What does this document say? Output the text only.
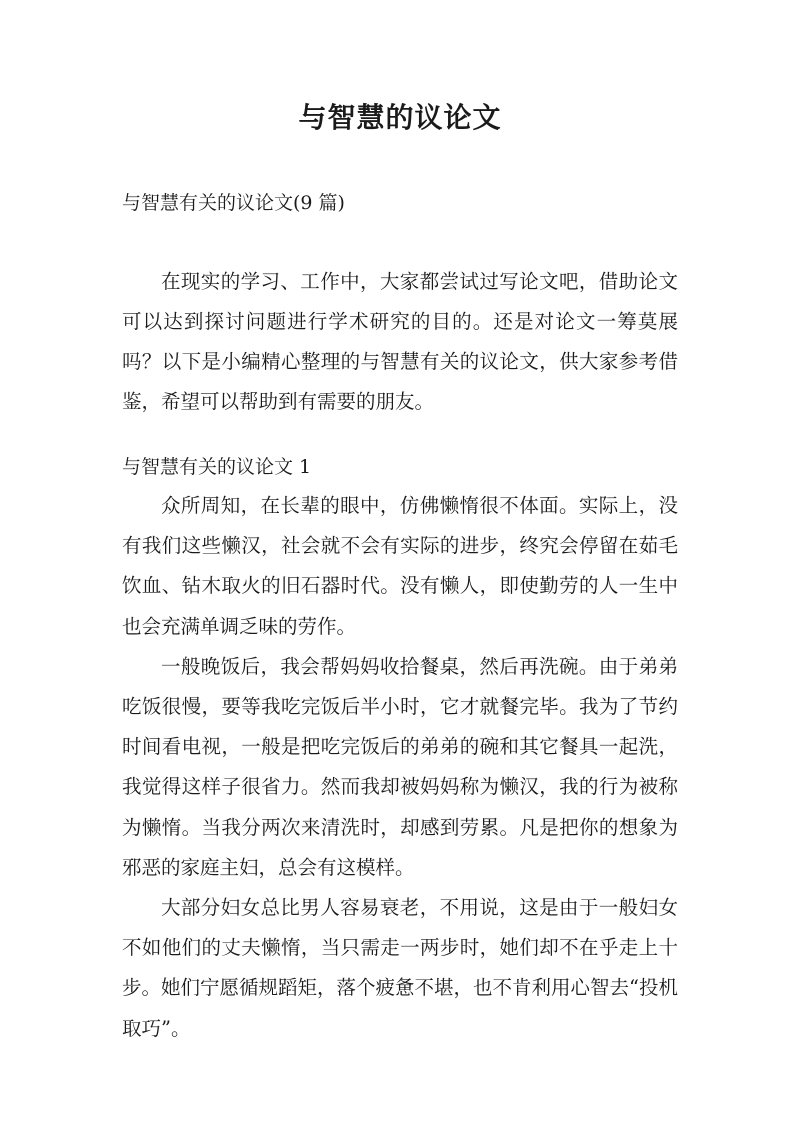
与智慧的议论文

与智慧有关的议论文(9 篇)

在现实的学习、工作中，大家都尝试过写论文吧，借助论文可以达到探讨问题进行学术研究的目的。还是对论文一筹莫展吗？以下是小编精心整理的与智慧有关的议论文，供大家参考借鉴，希望可以帮助到有需要的朋友。

与智慧有关的议论文 1

众所周知，在长辈的眼中，仿佛懒惰很不体面。实际上，没有我们这些懒汉，社会就不会有实际的进步，终究会停留在茹毛饮血、钻木取火的旧石器时代。没有懒人，即使勤劳的人一生中也会充满单调乏味的劳作。

一般晚饭后，我会帮妈妈收拾餐桌，然后再洗碗。由于弟弟吃饭很慢，要等我吃完饭后半小时，它才就餐完毕。我为了节约时间看电视，一般是把吃完饭后的弟弟的碗和其它餐具一起洗，我觉得这样子很省力。然而我却被妈妈称为懒汉，我的行为被称为懒惰。当我分两次来清洗时，却感到劳累。凡是把你的想象为邪恶的家庭主妇，总会有这模样。

大部分妇女总比男人容易衰老，不用说，这是由于一般妇女不如他们的丈夫懒惰，当只需走一两步时，她们却不在乎走上十步。她们宁愿循规蹈矩，落个疲惫不堪，也不肯利用心智去“投机取巧”。
